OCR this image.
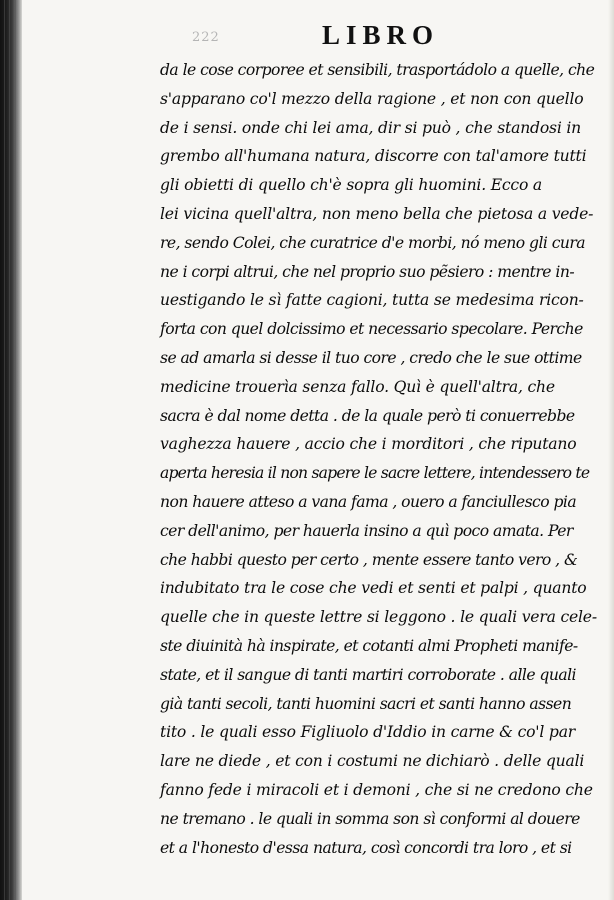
222	LIBRO
da le cose corporee et sensibili, trasportádolo a quelle, che
s'apparano co'l mezzo della ragione , et non con quello
de i sensi. onde chi lei ama, dir si può , che standosi in
grembo all'humana natura, discorre con tal'amore tutti
gli obietti di quello ch'è sopra gli huomini. Ecco a
lei vicina quell'altra, non meno bella che pietosa a vede-
re, sendo Colei, che curatrice d'e morbi, nó meno gli cura
ne i corpi altrui, che nel proprio suo pẽsiero : mentre in-
uestigando le sì fatte cagioni, tutta se medesima ricon-
forta con quel dolcissimo et necessario specolare. Perche
se ad amarla si desse il tuo core , credo che le sue ottime
medicine trouerìa senza fallo. Quì è quell'altra, che
sacra è dal nome detta . de la quale però ti conuerrebbe
vaghezza hauere , accio che i morditori , che riputano
aperta heresia il non sapere le sacre lettere, intendessero te
non hauere atteso a vana fama , ouero a fanciullesco pia
cer dell'animo, per hauerla insino a quì poco amata. Per
che habbi questo per certo , mente essere tanto vero , &
indubitato tra le cose che vedi et senti et palpi , quanto
quelle che in queste lettre si leggono . le quali vera cele-
ste diuinità hà inspirate, et cotanti almi Propheti manife-
state, et il sangue di tanti martiri corroborate . alle quali
già tanti secoli, tanti huomini sacri et santi hanno assen
tito . le quali esso Figliuolo d'Iddio in carne & co'l par
lare ne diede , et con i costumi ne dichiarò . delle quali
fanno fede i miracoli et i demoni , che si ne credono che
ne tremano . le quali in somma son sì conformi al douere
et a l'honesto d'essa natura, così concordi tra loro , et si
